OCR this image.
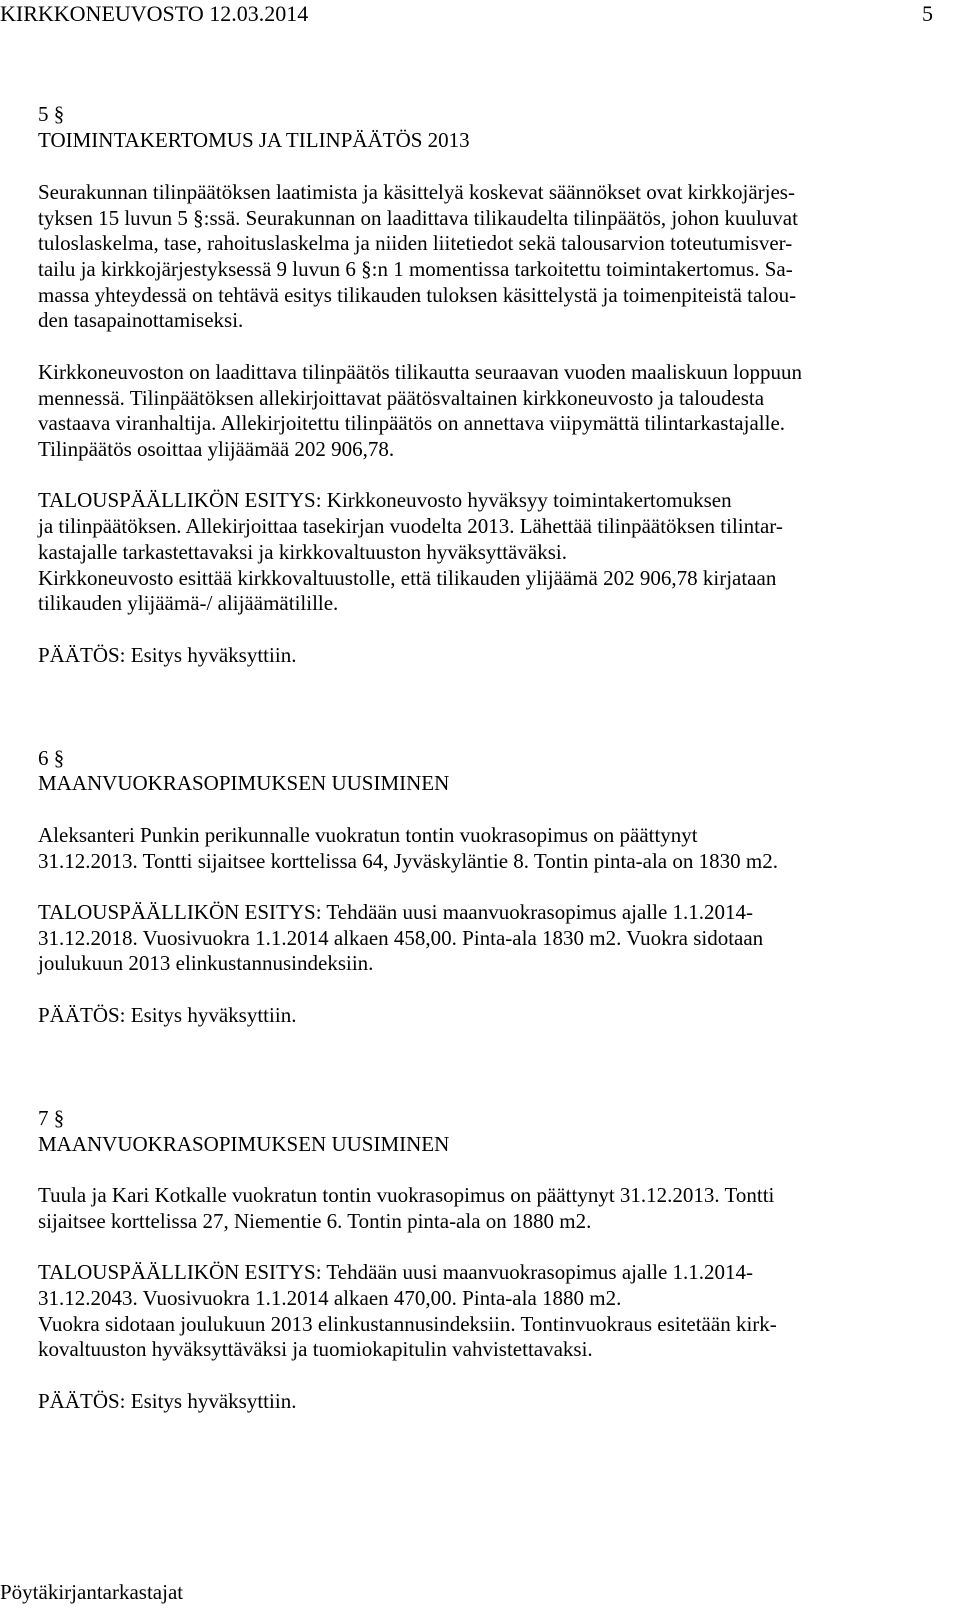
KIRKKONEUVOSTO 12.03.2014	5
5 §
TOIMINTAKERTOMUS JA TILINPÄÄTÖS 2013
Seurakunnan tilinpäätöksen laatimista ja käsittelyä koskevat säännökset ovat kirkkojärjes-
tyksen 15 luvun 5 §:ssä. Seurakunnan on laadittava tilikaudelta tilinpäätös, johon kuuluvat
tuloslaskelma, tase, rahoituslaskelma ja niiden liitetiedot sekä talousarvion toteutumisver-
tailu ja kirkkojärjestyksessä 9 luvun 6 §:n 1 momentissa tarkoitettu toimintakertomus. Sa-
massa yhteydessä on tehtävä esitys tilikauden tuloksen käsittelystä ja toimenpiteistä talou-
den tasapainottamiseksi.
Kirkkoneuvoston on laadittava tilinpäätös tilikautta seuraavan vuoden maaliskuun loppuun
mennessä. Tilinpäätöksen allekirjoittavat päätösvaltainen kirkkoneuvosto ja taloudesta
vastaava viranhaltija. Allekirjoitettu tilinpäätös on annettava viipymättä tilintarkastajalle.
Tilinpäätös osoittaa ylijäämää 202 906,78.
TALOUSPÄÄLLIKÖN ESITYS: Kirkkoneuvosto hyväksyy toimintakertomuksen
ja tilinpäätöksen. Allekirjoittaa tasekirjan vuodelta 2013. Lähettää tilinpäätöksen tilintar-
kastajalle tarkastettavaksi ja kirkkovaltuuston hyväksyttäväksi.
Kirkkoneuvosto esittää kirkkovaltuustolle, että tilikauden ylijäämä 202 906,78 kirjataan
tilikauden ylijäämä-/ alijäämätilille.
PÄÄTÖS: Esitys hyväksyttiin.
6 §
MAANVUOKRASOPIMUKSEN UUSIMINEN
Aleksanteri Punkin perikunnalle vuokratun tontin vuokrasopimus on päättynyt
31.12.2013. Tontti sijaitsee korttelissa 64, Jyväskyläntie 8. Tontin pinta-ala on 1830 m2.
TALOUSPÄÄLLIKÖN ESITYS: Tehdään uusi maanvuokrasopimus ajalle 1.1.2014-
31.12.2018. Vuosivuokra 1.1.2014 alkaen 458,00. Pinta-ala 1830 m2. Vuokra sidotaan
joulukuun 2013 elinkustannusindeksiin.
PÄÄTÖS: Esitys hyväksyttiin.
7 §
MAANVUOKRASOPIMUKSEN UUSIMINEN
Tuula ja Kari Kotkalle vuokratun tontin vuokrasopimus on päättynyt 31.12.2013. Tontti
sijaitsee korttelissa 27, Niementie 6. Tontin pinta-ala on 1880 m2.
TALOUSPÄÄLLIKÖN ESITYS: Tehdään uusi maanvuokrasopimus ajalle 1.1.2014-
31.12.2043. Vuosivuokra 1.1.2014 alkaen 470,00. Pinta-ala 1880 m2.
Vuokra sidotaan joulukuun 2013 elinkustannusindeksiin. Tontinvuokraus esitetään kirk-
kovaltuuston hyväksyttäväksi ja tuomiokapitulin vahvistettavaksi.
PÄÄTÖS: Esitys hyväksyttiin.
Pöytäkirjantarkastajat
